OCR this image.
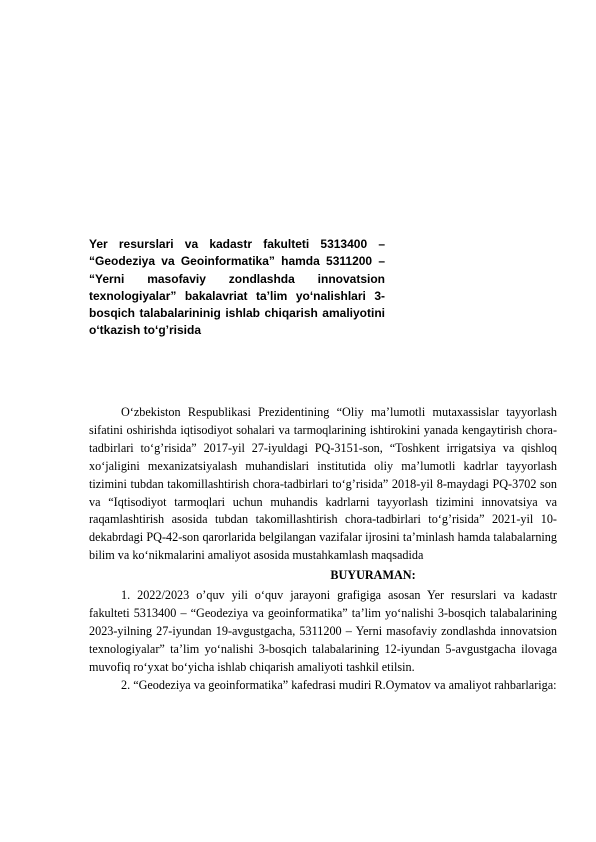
Yer resurslari va kadastr fakulteti 5313400 – “Geodeziya va Geoinformatika” hamda 5311200 – “Yerni masofaviy zondlashda innovatsion texnologiyalar” bakalavriat ta’lim yo‘nalishlari 3-bosqich talabalarininig ishlab chiqarish amaliyotini o‘tkazish to‘g’risida

O‘zbekiston Respublikasi Prezidentining “Oliy ma’lumotli mutaxassislar tayyorlash sifatini oshirishda iqtisodiyot sohalari va tarmoqlarining ishtirokini yanada kengaytirish chora-tadbirlari to‘g’risida” 2017-yil 27-iyuldagi PQ-3151-son, “Toshkent irrigatsiya va qishloq xo‘jaligini mexanizatsiyalash muhandislari institutida oliy ma’lumotli kadrlar tayyorlash tizimini tubdan takomillashtirish chora-tadbirlari to‘g’risida” 2018-yil 8-maydagi PQ-3702 son va “Iqtisodiyot tarmoqlari uchun muhandis kadrlarni tayyorlash tizimini innovatsiya va raqamlashtirish asosida tubdan takomillashtirish chora-tadbirlari to‘g’risida” 2021-yil 10-dekabrdagi PQ-42-son qarorlarida belgilangan vazifalar ijrosini ta’minlash hamda talabalarning bilim va ko‘nikmalarini amaliyot asosida mustahkamlash maqsadida

BUYURAMAN:

1. 2022/2023 o’quv yili o‘quv jarayoni grafigiga asosan Yer resurslari va kadastr fakulteti 5313400 – “Geodeziya va geoinformatika” ta’lim yo‘nalishi 3-bosqich talabalarining 2023-yilning 27-iyundan 19-avgustgacha, 5311200 – Yerni masofaviy zondlashda innovatsion texnologiyalar” ta’lim yo‘nalishi 3-bosqich talabalarining 12-iyundan 5-avgustgacha ilovaga muvofiq ro‘yxat bo‘yicha ishlab chiqarish amaliyoti tashkil etilsin.

2. “Geodeziya va geoinformatika” kafedrasi mudiri R.Oymatov va amaliyot rahbarlariga:
